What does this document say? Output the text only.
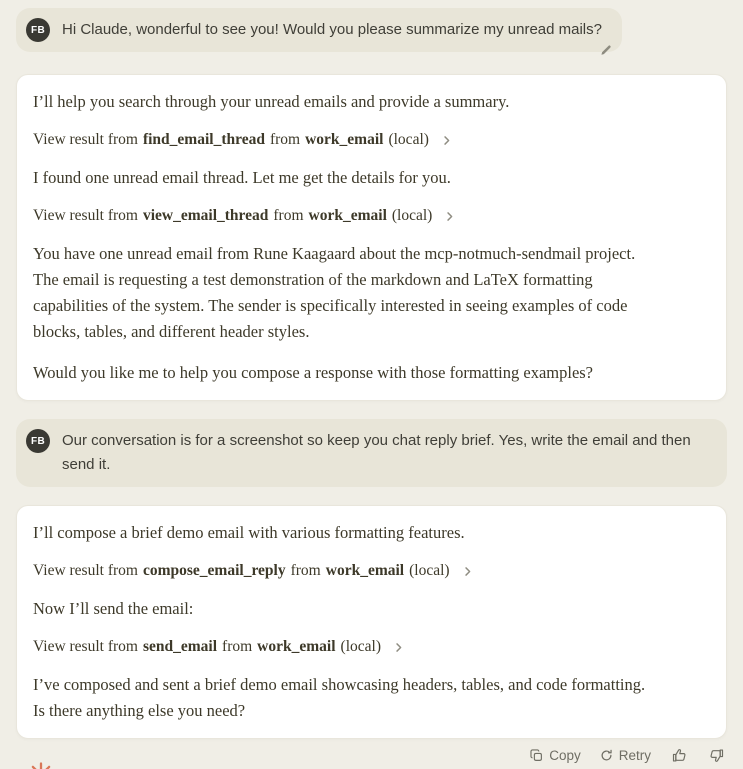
FB	Hi Claude, wonderful to see you! Would you please summarize my unread mails?

I’ll help you search through your unread emails and provide a summary.

View result from find_email_thread from work_email (local)

I found one unread email thread. Let me get the details for you.

View result from view_email_thread from work_email (local)

You have one unread email from Rune Kaagaard about the mcp-notmuch-sendmail project. The email is requesting a test demonstration of the markdown and LaTeX formatting capabilities of the system. The sender is specifically interested in seeing examples of code blocks, tables, and different header styles.

Would you like me to help you compose a response with those formatting examples?

FB	Our conversation is for a screenshot so keep you chat reply brief. Yes, write the email and then send it.

I’ll compose a brief demo email with various formatting features.

View result from compose_email_reply from work_email (local)

Now I’ll send the email:

View result from send_email from work_email (local)

I’ve composed and sent a brief demo email showcasing headers, tables, and code formatting. Is there anything else you need?

Copy	Retry
